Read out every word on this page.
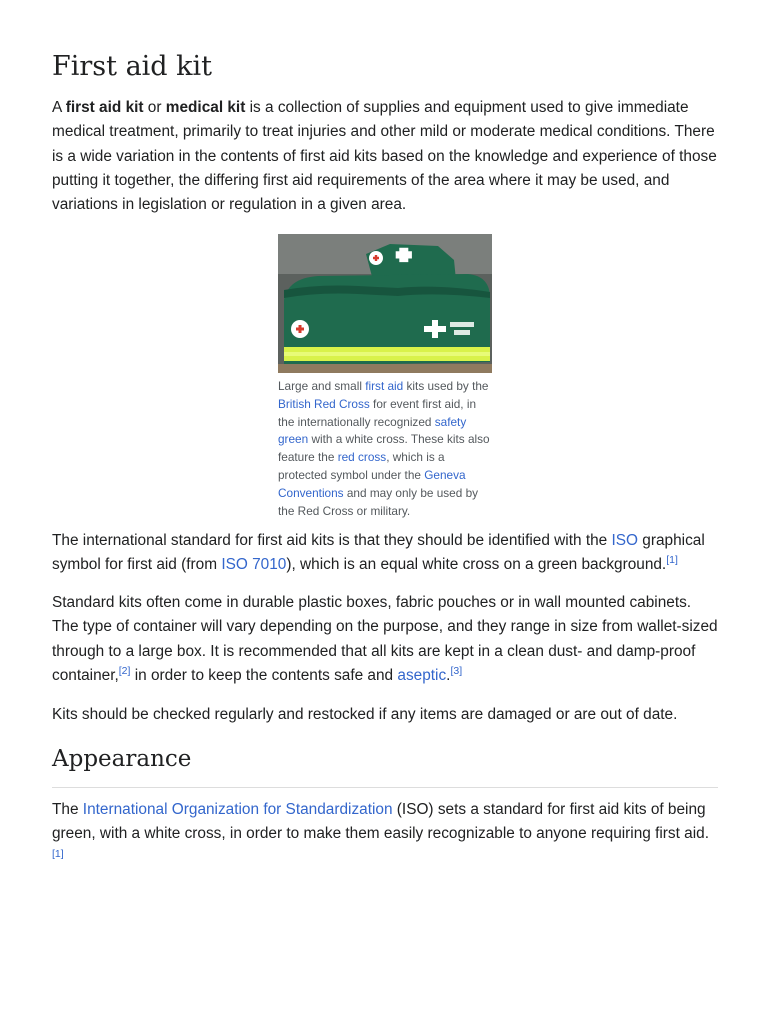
First aid kit

A first aid kit or medical kit is a collection of supplies and equipment used to give immediate medical treatment, primarily to treat injuries and other mild or moderate medical conditions. There is a wide variation in the contents of first aid kits based on the knowledge and experience of those putting it together, the differing first aid requirements of the area where it may be used, and variations in legislation or regulation in a given area.

Large and small first aid kits used by the British Red Cross for event first aid, in the internationally recognized safety green with a white cross. These kits also feature the red cross, which is a protected symbol under the Geneva Conventions and may only be used by the Red Cross or military.

The international standard for first aid kits is that they should be identified with the ISO graphical symbol for first aid (from ISO 7010), which is an equal white cross on a green background.[1]

Standard kits often come in durable plastic boxes, fabric pouches or in wall mounted cabinets. The type of container will vary depending on the purpose, and they range in size from wallet-sized through to a large box. It is recommended that all kits are kept in a clean dust- and damp-proof container,[2] in order to keep the contents safe and aseptic.[3]

Kits should be checked regularly and restocked if any items are damaged or are out of date.

Appearance

The International Organization for Standardization (ISO) sets a standard for first aid kits of being green, with a white cross, in order to make them easily recognizable to anyone requiring first aid.[1]
